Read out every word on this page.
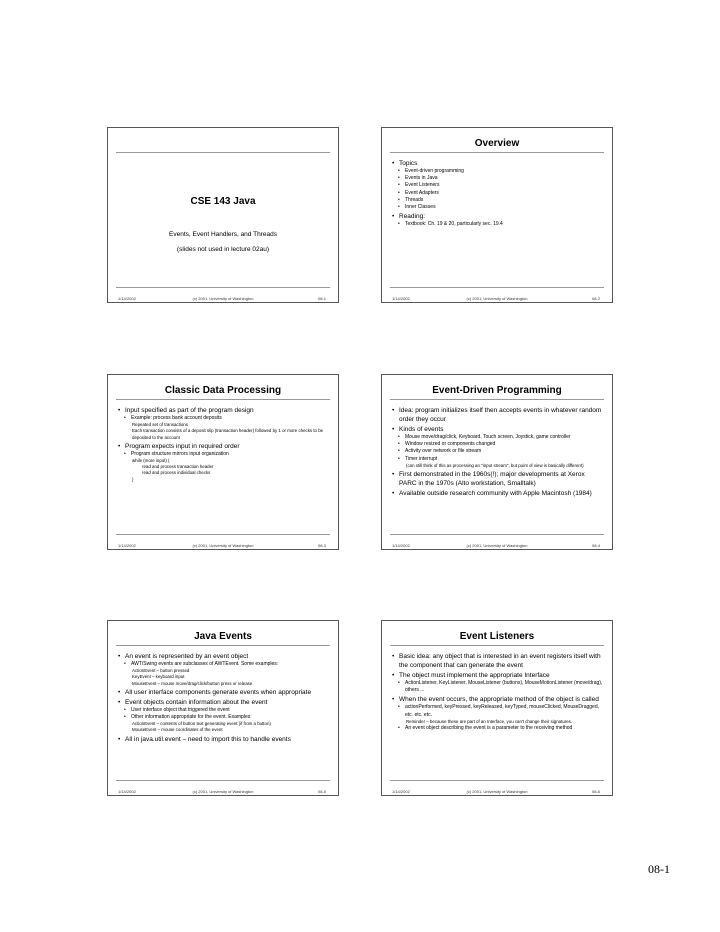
CSE 143 Java
Events, Event Handlers, and Threads
(slides not used in lecture 02au)
1/14/2002	(c) 2001, University of Washington	08-1
Overview
• Topics
• Event-driven programming
• Events in Java
• Event Listeners
• Event Adapters
• Threads
• Inner Classes
• Reading:
• Textbook: Ch. 19 & 20, particularly sec. 19.4
1/14/2002	(c) 2001, University of Washington	08-2
Classic Data Processing
• Input specified as part of the program design
• Example: process bank account deposits
Repeated set of transactions
Each transaction consists of a deposit slip (transaction header) followed by 1 or more checks to be deposited to the account
• Program expects input in required order
• Program structure mirrors input organization
while (more input) {
read and process transaction header
read and process individual checks
}
1/14/2002	(c) 2001, University of Washington	08-3
Event-Driven Programming
• Idea: program initializes itself then accepts events in whatever random order they occur
• Kinds of events
• Mouse move/drag/click, Keyboard, Touch screen, Joystick, game controller
• Window resized or components changed
• Activity over network or file stream
• Timer interrupt
(can still think of this as processing an "input stream", but point of view is basically different)
• First demonstrated in the 1960s(!); major developments at Xerox PARC in the 1970s (Alto workstation, Smalltalk)
• Available outside research community with Apple Macintosh (1984)
1/14/2002	(c) 2001, University of Washington	08-4
Java Events
• An event is represented by an event object
• AWT/Swing events are subclasses of AWTEvent. Some examples:
ActionEvent – button pressed
KeyEvent – keyboard input
MouseEvent – mouse move/drag/click/button press or release
• All user interface components generate events when appropriate
• Event objects contain information about the event
• User interface object that triggered the event
• Other information appropriate for the event. Examples:
ActionEvent – contents of button text generating event (if from a button)
MouseEvent – mouse coordinates of the event
• All in java.util.event – need to import this to handle events
1/14/2002	(c) 2001, University of Washington	08-5
Event Listeners
• Basic idea: any object that is interested in an event registers itself with the component that can generate the event
• The object must implement the appropriate Interface
• ActionListener, KeyListener, MouseListener (buttons), MouseMotionListener (move/drag), others ...
• When the event occurs, the appropriate method of the object is called
• actionPerformed, keyPressed, keyReleased, keyTyped, mouseClicked, MouseDragged, etc. etc. etc.
Reminder – because these are part of an Interface, you can't change their signatures.
• An event object describing the event is a parameter to the receiving method
1/14/2002	(c) 2001, University of Washington	08-6
08-1
